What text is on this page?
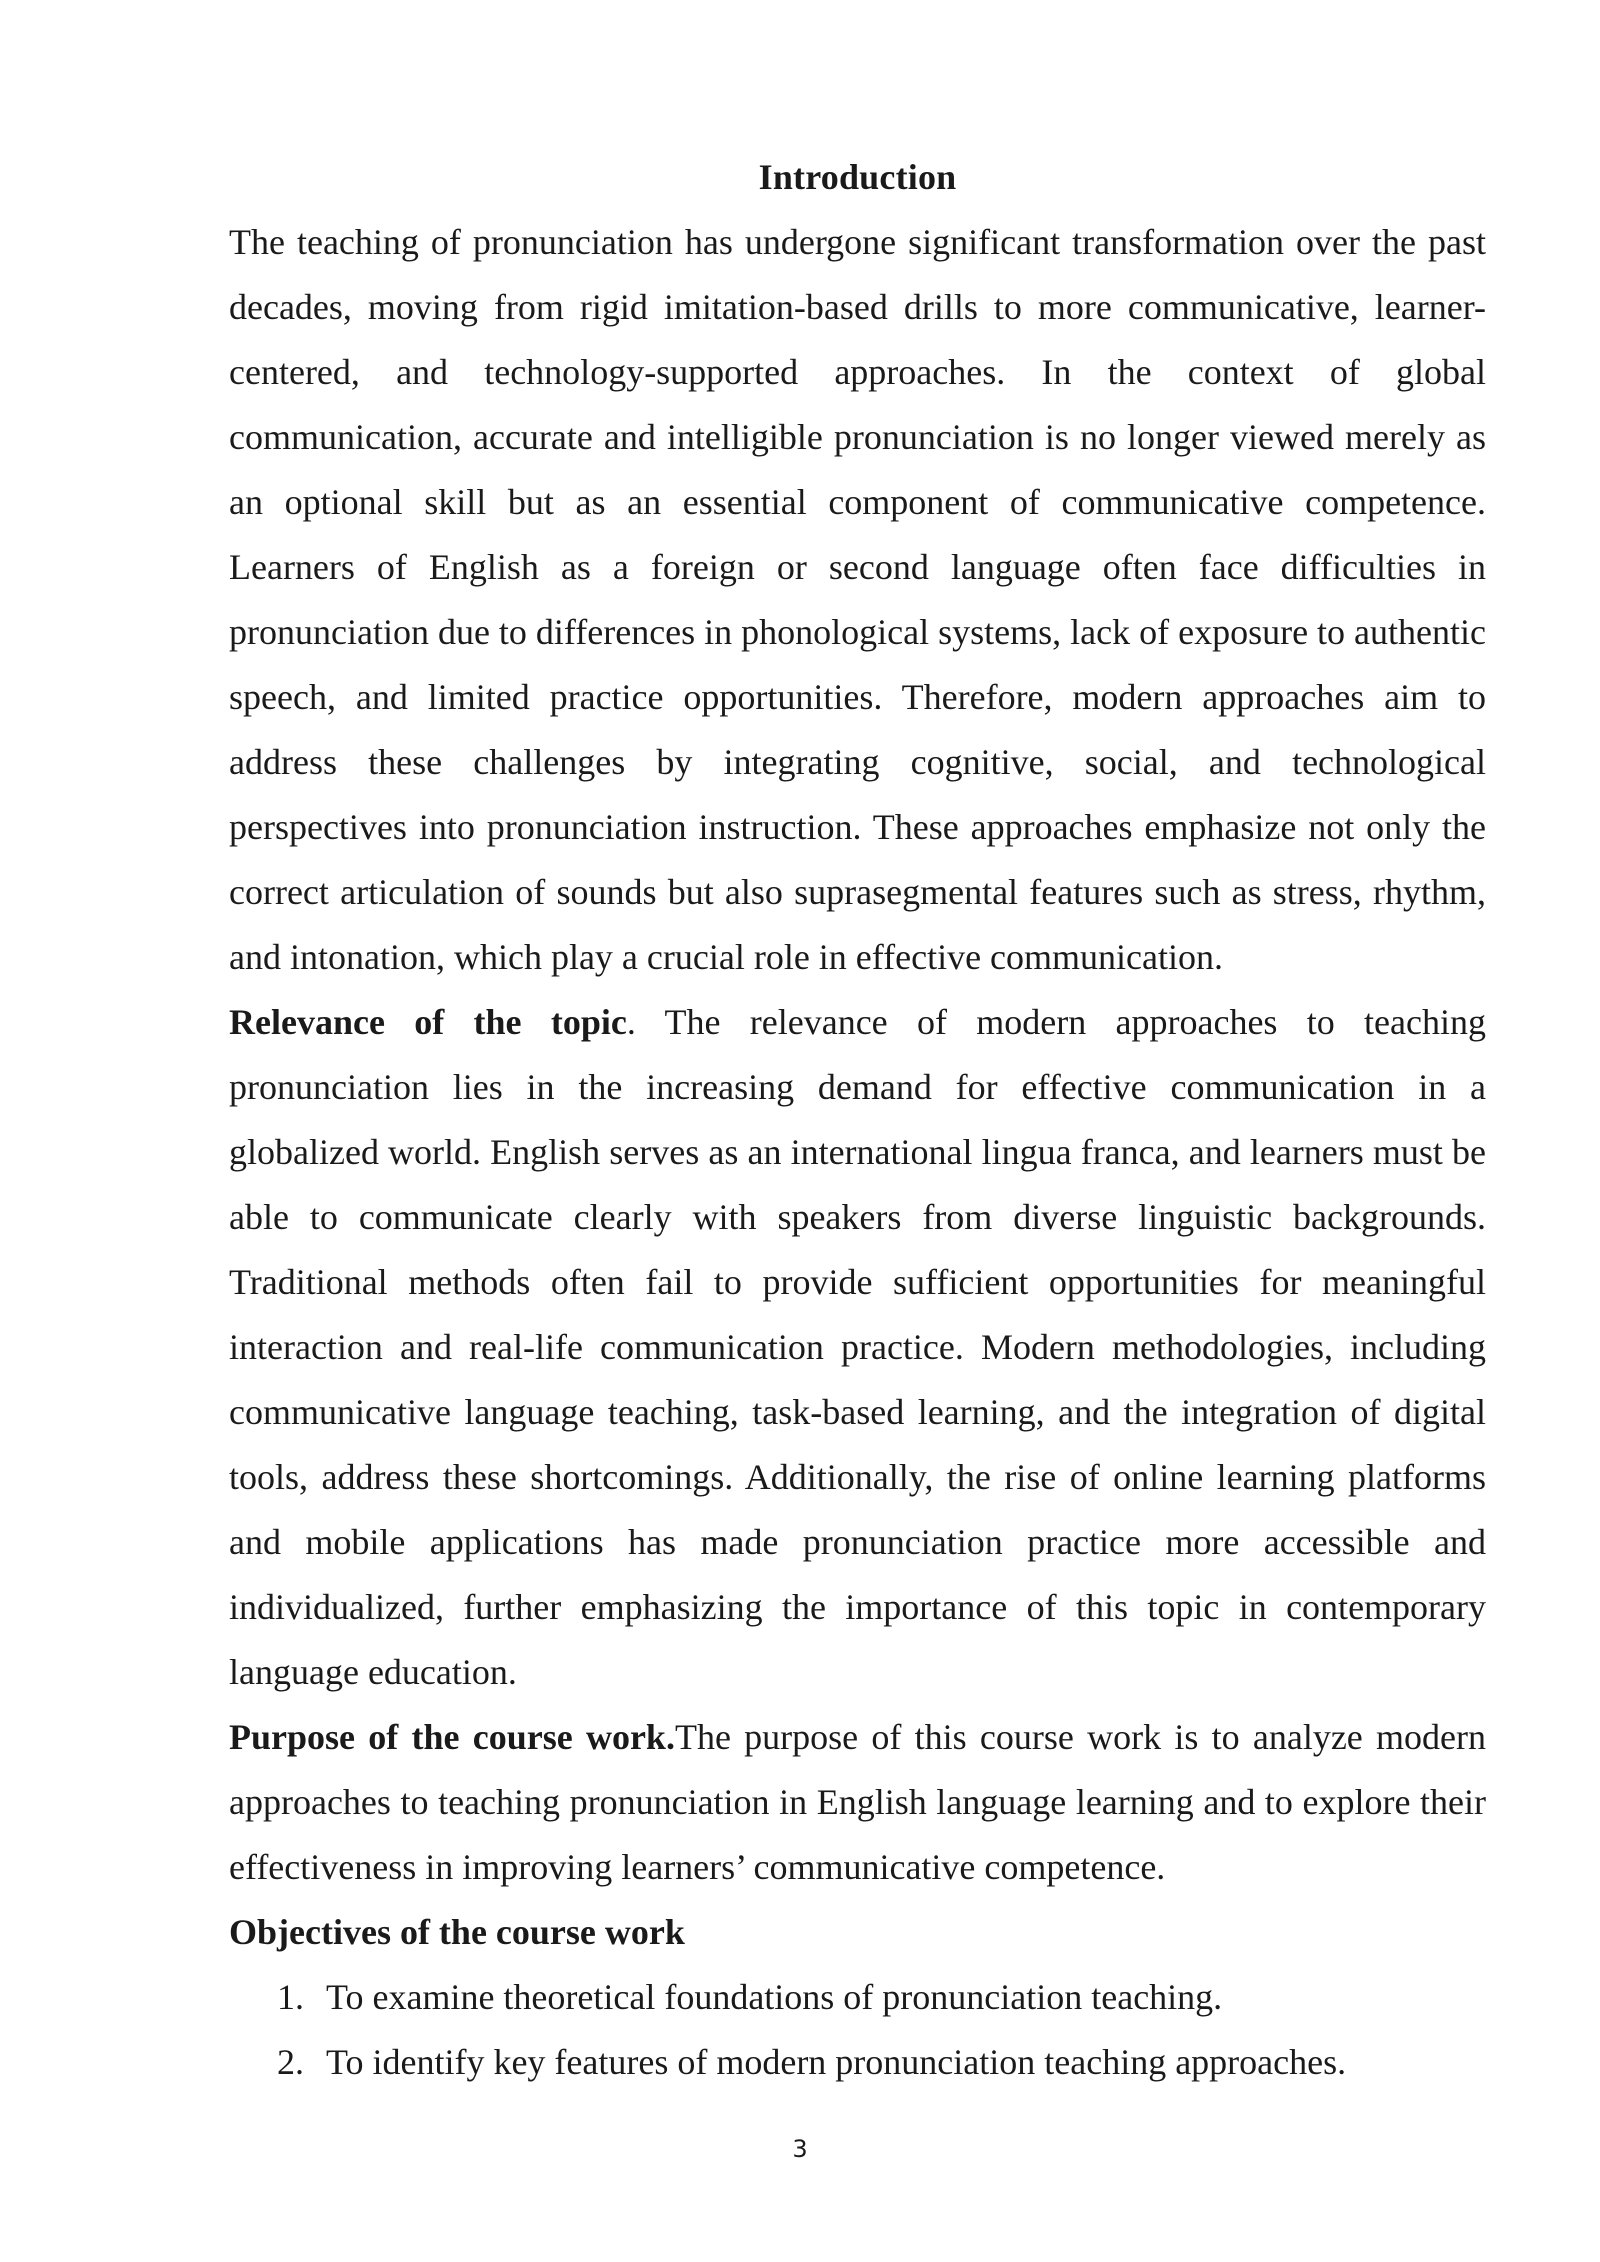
Introduction

The teaching of pronunciation has undergone significant transformation over the past decades, moving from rigid imitation-based drills to more communicative, learner-centered, and technology-supported approaches. In the context of global communication, accurate and intelligible pronunciation is no longer viewed merely as an optional skill but as an essential component of communicative competence. Learners of English as a foreign or second language often face difficulties in pronunciation due to differences in phonological systems, lack of exposure to authentic speech, and limited practice opportunities. Therefore, modern approaches aim to address these challenges by integrating cognitive, social, and technological perspectives into pronunciation instruction. These approaches emphasize not only the correct articulation of sounds but also suprasegmental features such as stress, rhythm, and intonation, which play a crucial role in effective communication.

Relevance of the topic. The relevance of modern approaches to teaching pronunciation lies in the increasing demand for effective communication in a globalized world. English serves as an international lingua franca, and learners must be able to communicate clearly with speakers from diverse linguistic backgrounds. Traditional methods often fail to provide sufficient opportunities for meaningful interaction and real-life communication practice. Modern methodologies, including communicative language teaching, task-based learning, and the integration of digital tools, address these shortcomings. Additionally, the rise of online learning platforms and mobile applications has made pronunciation practice more accessible and individualized, further emphasizing the importance of this topic in contemporary language education.

Purpose of the course work.The purpose of this course work is to analyze modern approaches to teaching pronunciation in English language learning and to explore their effectiveness in improving learners’ communicative competence.

Objectives of the course work

1. To examine theoretical foundations of pronunciation teaching.
2. To identify key features of modern pronunciation teaching approaches.
3
